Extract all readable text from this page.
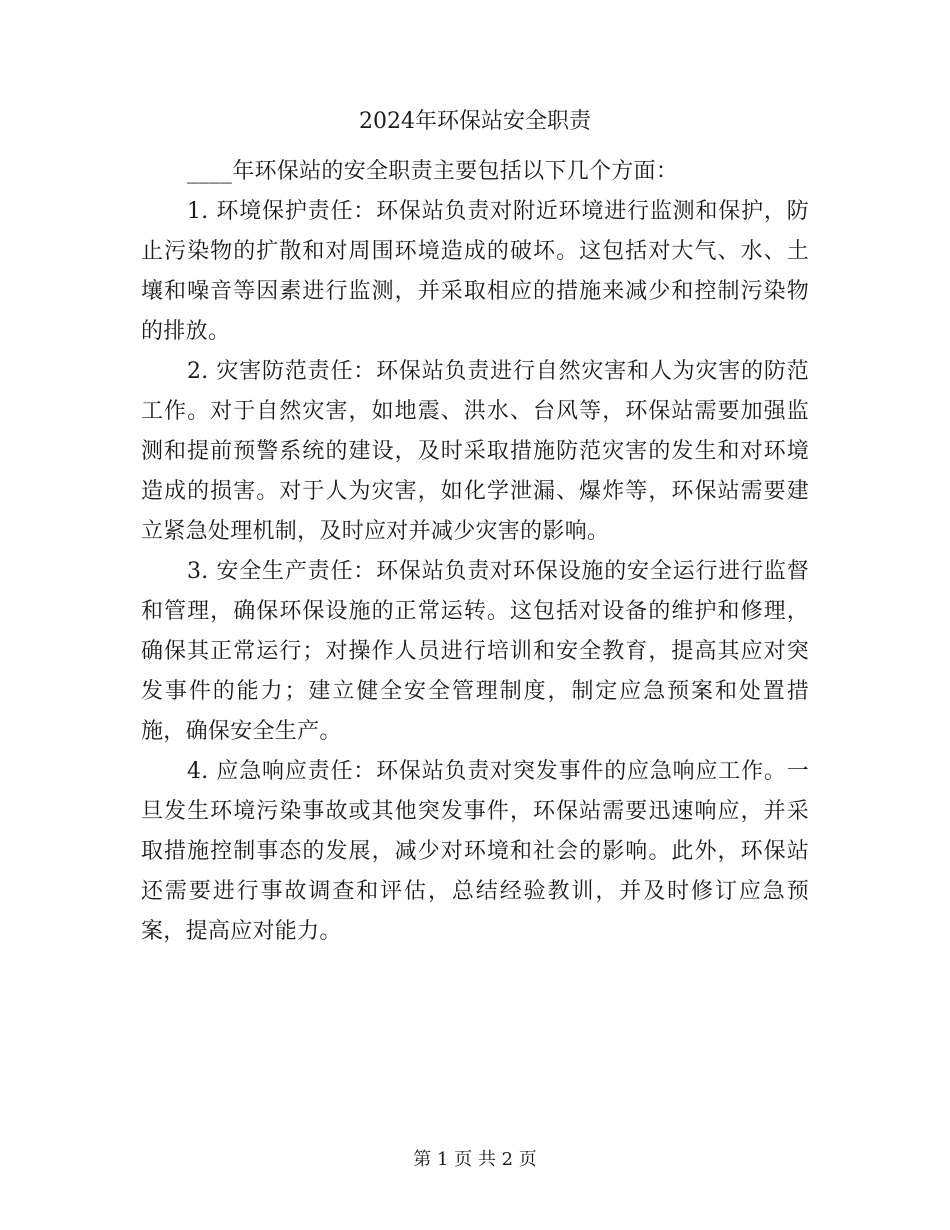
2024年环保站安全职责

____年环保站的安全职责主要包括以下几个方面：

1. 环境保护责任：环保站负责对附近环境进行监测和保护，防止污染物的扩散和对周围环境造成的破坏。这包括对大气、水、土壤和噪音等因素进行监测，并采取相应的措施来减少和控制污染物的排放。

2. 灾害防范责任：环保站负责进行自然灾害和人为灾害的防范工作。对于自然灾害，如地震、洪水、台风等，环保站需要加强监测和提前预警系统的建设，及时采取措施防范灾害的发生和对环境造成的损害。对于人为灾害，如化学泄漏、爆炸等，环保站需要建立紧急处理机制，及时应对并减少灾害的影响。

3. 安全生产责任：环保站负责对环保设施的安全运行进行监督和管理，确保环保设施的正常运转。这包括对设备的维护和修理，确保其正常运行；对操作人员进行培训和安全教育，提高其应对突发事件的能力；建立健全安全管理制度，制定应急预案和处置措施，确保安全生产。

4. 应急响应责任：环保站负责对突发事件的应急响应工作。一旦发生环境污染事故或其他突发事件，环保站需要迅速响应，并采取措施控制事态的发展，减少对环境和社会的影响。此外，环保站还需要进行事故调查和评估，总结经验教训，并及时修订应急预案，提高应对能力。

第 1 页 共 2 页
